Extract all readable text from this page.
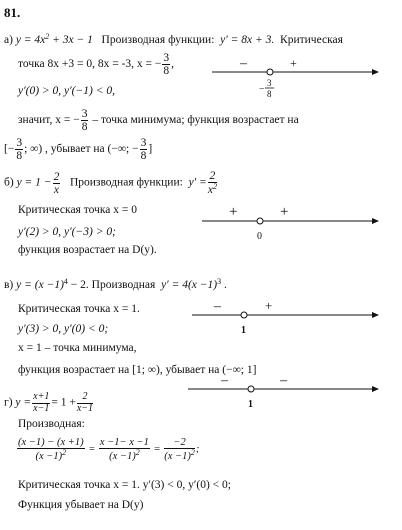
81.
а) $y = 4x^2 + 3x - 1$ Производная функции: y′ = 8x + 3. Критическая
точка 8x +3 = 0, 8x = -3, x = − $\frac{3}{8}$ ,
y′(0) > 0, y′(−1) < 0,
значит, x = − $\frac{3}{8}$ – точка минимума; функция возрастает на
[− $\frac{3}{8}$ ; ∞) , убывает на (−∞; − $\frac{3}{8}$ ]
–	+
−
3
8
б) $y = 1 - \frac{2}{x}$ Производная функции: $y' = \frac{2}{x^2}$
Критическая точка x = 0
y′(2) > 0, y′(−3) > 0;
функция возрастает на D(y).
+	+
0
в) $y = (x -1)^4 - 2$. Производная $y' = 4(x -1)^3$ .
Критическая точка x = 1.
y′(3) > 0, y′(0) < 0;
x = 1 – точка минимума,
функция возрастает на [1; ∞), убывает на (−∞; 1]
–	+
1
г) $y = \frac{x+1}{x-1} = 1 + \frac{2}{x-1}$
Производная:
$\frac{(x -1) - (x +1)}{(x -1)^2} = \frac{x -1- x -1}{(x -1)^2} = \frac{-2}{(x -1)^2}$ ;
Критическая точка x = 1. y′(3) < 0, y′(0) < 0;
Функция убывает на D(y)
–	–
1
